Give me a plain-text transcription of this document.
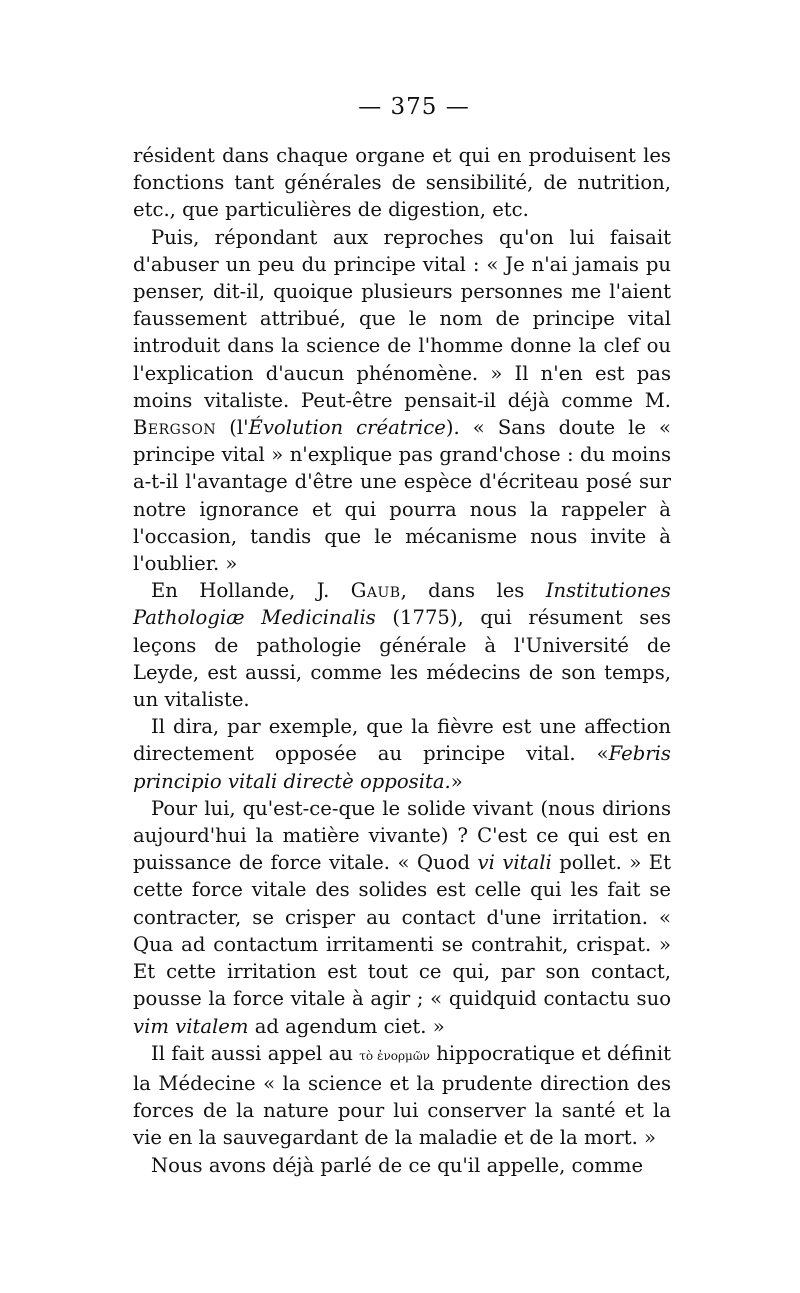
— 375 —

résident dans chaque organe et qui en produisent les fonctions tant générales de sensibilité, de nutrition, etc., que particulières de digestion, etc.

Puis, répondant aux reproches qu'on lui faisait d'abuser un peu du principe vital : « Je n'ai jamais pu penser, dit-il, quoique plusieurs personnes me l'aient faussement attribué, que le nom de principe vital introduit dans la science de l'homme donne la clef ou l'explication d'aucun phénomène. » Il n'en est pas moins vitaliste. Peut-être pensait-il déjà comme M. Bergson (l'Évolution créatrice). « Sans doute le « principe vital » n'explique pas grand'chose : du moins a-t-il l'avantage d'être une espèce d'écriteau posé sur notre ignorance et qui pourra nous la rappeler à l'occasion, tandis que le mécanisme nous invite à l'oublier. »

En Hollande, J. Gaub, dans les Institutiones Pathologiæ Medicinalis (1775), qui résument ses leçons de pathologie générale à l'Université de Leyde, est aussi, comme les médecins de son temps, un vitaliste.

Il dira, par exemple, que la fièvre est une affection directement opposée au principe vital. «Febris principio vitali directè opposita.»

Pour lui, qu'est-ce-que le solide vivant (nous dirions aujourd'hui la matière vivante) ? C'est ce qui est en puissance de force vitale. « Quod vi vitali pollet. » Et cette force vitale des solides est celle qui les fait se contracter, se crisper au contact d'une irritation. « Qua ad contactum irritamenti se contrahit, crispat. » Et cette irritation est tout ce qui, par son contact, pousse la force vitale à agir ; « quidquid contactu suo vim vitalem ad agendum ciet. »

Il fait aussi appel au τὸ ἐνορμῶν hippocratique et définit la Médecine « la science et la prudente direction des forces de la nature pour lui conserver la santé et la vie en la sauvegardant de la maladie et de la mort. »

Nous avons déjà parlé de ce qu'il appelle, comme
